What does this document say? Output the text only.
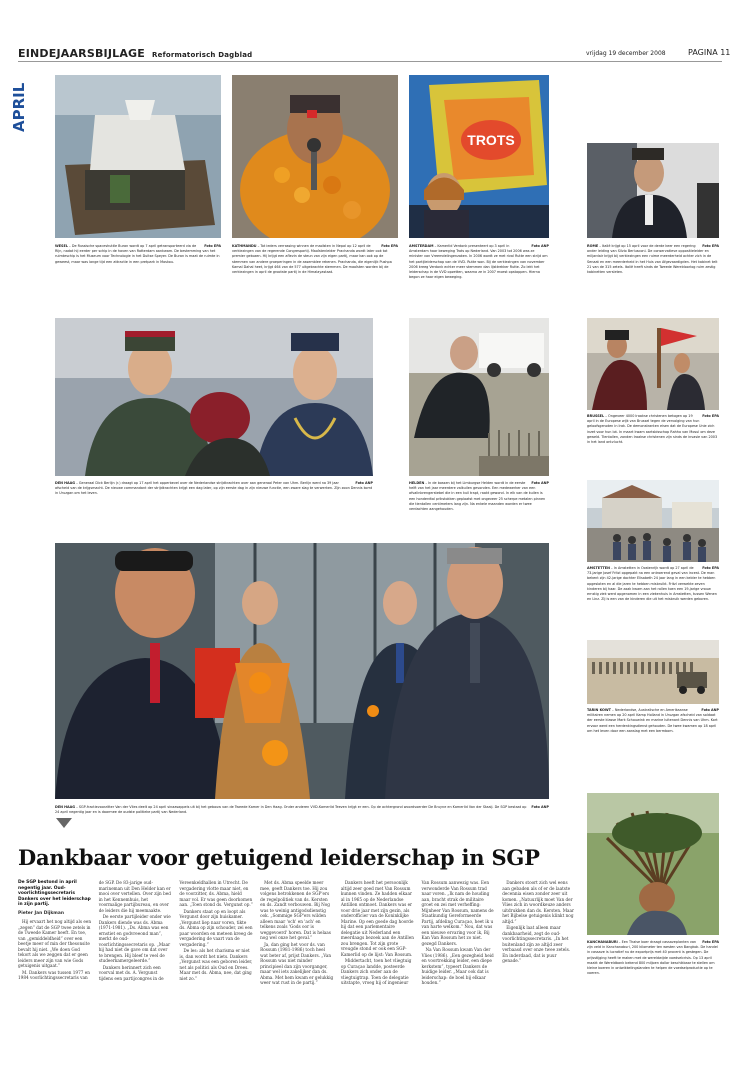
EINDEJAARSBIJLAGE Reformatorisch Dagblad	vrijdag 19 december 2008	PAGINA 11
APRIL
Foto EPA
WESEL – De Russische spaceshuttle Buran wordt op 7 april getransporteerd via de Rijn, nadat hij eerder per schip in de haven van Rotterdam aankwam. De bestemming van het ruimteschip is het Museum voor Technologie in het Duitse Speyer. De Buran is maat de ruimte in geweest, maar was lange tijd een attractie in een pretpark in Moskou.
Foto EPA
KATHMANDU – Tot ieders verrassing winnen de maoïsten in Nepal op 12 april de verkiezingen van de regerende Congrespartij. Maoïstenleider Prachanda wordt later ook tot premier gekozen. Hij krijgt een aflevin de steun van zijn eigen partij, maar kan ook op de stemmen van andere groeperingen in de assemblee rekenen. Prachanda, die eigenlijk Pushpa Kamal Dahal heet, krijgt 464 van de 577 uitgebrachte stemmen. De maoïsten worden bij de verkiezingen in april de grootste partij in de Himalayastaat.
TROTS
Foto ANP
AMSTERDAM – Kamerlid Verdonk presenteert op 3 april in Amsterdam haar beweging Trots op Nederland. Van 2003 tot 2006 was ze minister van Vreemdelingenzaken. In 2006 wordt ze met rival Rutte een strijd om het partijleiderschap van de VVD. Rutte won. Bij de verkiezingen van november 2006 kreeg Verdonk echter meer stemmen dan lijsttrekker Rutte. Zo lekt het leiderschap in de VVD opzetten, waarna ze in 2007 moest opstappen. Hierna begon ze haar eigen beweging.
Foto EPA
ROME – Italië krijgt op 15 april voor de derde keer een regering onder leiding van Silvio Berlusconi. De conservatieve oppositieleider en miljardair krijgt bij verkiezingen een ruime meerderheid achter zich in de Senaat en een meerderheid in het Huis van Afgevaardigden. Het kabinet telt 21 van de 315 zetels. Italië heeft sinds de Tweede Wereldoorlog ruim zestig kabinetten versleten.
Foto ANP
DEN HAAG – Generaal Dick Berlijn (r.) draagt op 17 april het opperbevel over de Nederlandse strijdkrachten over aan generaal Peter van Uhm. Berlijn werd na 39 jaar afscheid van de krijgsmacht. De nieuwe commandant der strijdkrachten krijgt een dag later, op zijn eerste dag in zijn nieuwe functie, een zware slag te verwerken. Zijn zoon Dennis komt in Uruzgan om het leven.
Foto ANP
HELDEN – In de bossen bij het Limburgse Helden wordt in de eerste helft van het jaar meerdere valkuilen gevonden. Een medewerker van een afvalinbrengerstebel die in een kuil trapt, raakt gewond. In elk van de kuilen is een honderdtal prikstokken geplaatst met ongeveer 25 scherpe metalen pinnen die tientallen centimeters lang zijn. Na enkele maanden worden er twee verdachten aangehouden.
Foto EPA
BRUSSEL – Ongeveer 4000 Iraakse christenen betogen op 19 april in de Europese wijk van Brussel tegen de vervolging van hun geloofsgenoten in Irak. De demonstranten eisen dat de Europese Unie zich inzet voor hun lot. In maart kwam aartsbisschop Rahho van Mosul om deze geweld. Tientallen, zonden Iraakse christenen zijn sinds de invasie van 2003 in het land ontvlucht.
Foto ANP
DEN HAAG – SGP-fractievoorzitter Van der Vlies deelt op 24 april sinaasappels uit bij het gebouw van de Tweede Kamer in Den Haag. Onder anderen VVD-Kamerlid Teeven krijgt er een. Op de achtergrond woordvoerder De Bruyne en Kamerlid Van der Staaij. De SGP bestaat op 24 april negentig jaar en is daarmee de oudste politieke partij van Nederland.
Foto EPA
AMSTETTEN – In Amstetten in Oostenrijk wordt op 27 april de 73-jarige Josef Fritzl opgepakt na een ontroerend geval van incest. De man bekent zijn 42-jarige dochter Elisabeth 24 jaar lang in een kelder te hebben opgesloten en al die jaren te hebben misbruikt. Fritzl verwekte zeven kinderen bij haar. De zaak kwam aan het rollen toen een 19-jarige vrouw ernstig ziek werd opgenomen in een ziekenhuis in Amstetten, tussen Wenen en Linz. Zij is een van de kinderen die uit het misbruik werden geboren.
Foto ANP
TARIN KOWT – Nederlandse, Australische en Amerikaanse militairen nemen op 20 april Kamp Holland in Uruzgan afscheid van soldaat der eerste klasse Mark Schouwink en marine luitenant Dennis van Uhm. Kort ervoor werd een herdenkingsdienst gehouden. De twee kwamen op 18 april om het leven door een aanslag met een bermbom.
Foto EPA
KANCHANABURI – Een Thaise boer draagt cassaveplanten van zijn veld in Kanchanaburi, 200 kilometer ten westen van Bangkok. De handel in cassave is lucratief nu de exportprijs met 40 procent is gestegen. De prijsstijging heeft te maken met de wereldwijde voedselcrisis. Op 13 april maakt de Wereldbank bekend 800 miljoen dollar beschikbaar te stellen om kleine boeren in ontwikkelingslanden te helpen de voedselproductie op te voeren.
Dankbaar voor getuigend leiderschap in SGP
De SGP bestond in april negentig jaar. Oud-voorlichtingssecretaris Dankers over het leiderschap in zijn partij.
Pieter Jan Dijkman

Hij ervaart het nog altijd als een „zegen” dat de SGP twee zetels in de Tweede Kamer heeft. En toe, van „gemiddeldheid” over een beetje meer of min der thesonsite bevalt hij niet. „We doen God tekort als we zeggen dat er geen leiders meer zijn van wie Gods getuigenis uitgaat.”

M. Dankers was tussen 1977 en 1984 voorlichtingssecretaris van de SGP. De 83-jarige oud-marineman uit Den Helder kan er mooi over vertellen. Over zijn bed in het Kennemhuis, het voormalige partijbureau, en over de leiders die hij meemaakte.

De eerste partijleider onder wie Dankers diende was ds. Abma (1971-1981). „Ds. Abma was een ernstiet en godvreeond man”, merkt de oud-voorlichtingssecretaris op. „Maar hij had niet de gave om dat over te brengen. Hij bleef te veel de studeerkamergeleerde.”

Dankers herinnert zich een voorval met ds. A. Vergunst tijdens een partijcongres in de Vereenkeldhallen in Utrecht. De vergadering vlotte maar niet, en de voorzitter, ds. Abma, hield maar vol. Er was geen doorkomen aan. „Toen stond ds. Vergunst op.”

Dankers staat op en loopt als Vergunst door zijn huiskamer. „Vergunst liep naar voren, tikte ds. Abma op zijn schouder, zei een paar woorden en meteen kreeg de vergadering de vaart van de vergadering.”

De les: als het charisma er niet is, dan wordt het niets. Dankers „Vergunst was een geboren leider, net als politici als Oud en Drees. Maar met ds. Abma, nee, dat ging niet zo.”

Met ds. Abma speelde meer mee, geeft Dankers toe. Hij zou volgens betrokkenen de SGP'ers de regelpolitiek van ds. Kersten en ds. Zandt verbouwen. Bij Nog was te weinig antigodsdienstig ook. „Sommige SGP'ers wilden alleen maar 'och' en 'ach' en telkens zoals 'Gods oor is weggevoerd' horen. Dat is helaas nog wel onze het geval.”

Ja, dan ging het voor ds. van Rossum (1981-1986) toch heel wat beter af, prijst Dankers. „Van Rossum was niet minder principieel dan zijn voorganger, maar wel iets zakelijker dan ds. Abma. Met hem kwam er gelukkig weer wat rust in de partij.”

Dankers heeft het persoonlijk altijd zeer goed met Van Rossum kunnen vinden. Ze hadden elkaar al in 1965 op de Nederlandse Antillen ontmoet. Dankers was er voor drie jaar met zijn gezin, als onderofficier van de Koninklijke Marine. Op een goede dag hoorde hij dat een parlementaire delegatie uit Nederland een meerdaags bezoek aan de Antillen zou brengen. Tot zijn grote vreugde stond er ook een SGP-Kamerlid op de lijst: Van Rossum.

Middertacht, toen het vliegtuig op Curaçao landde, posteerde Dankers zich onder aan de vliegtuigtrap. Toen de delegatie uitstapte, vroeg hij of ingenieur Van Rossum aanwezig was. Een verwonderde Van Rossum trad naar voren. „Ik nam de houding aan, bracht strak de militaire groet en zei met verheffing: Mijnheer Van Rossum, namens de Staatkundig Gereformeerde Partij, afdeling Curaçao, heet ik u van harte welkom.” Nou, dat was een nieuwe ervaring voor ik, Bij Kan Van Rossum het zo niet. gezegd Dankers.

Na Van Rossum kwam Van der Vlies (1986). „Een gezegheid heid en voortrekking leider, een diepe kerkstem”, typeert Dankers de huidige leider. „Maar ook dat is leiderschap: de boel bij elkaar houden.”

Dankers stoort zich wel eens aan gebaden als of er de laatste decennia eisen zonder zeer uit komen. „Natuurlijk moet Van der Vlies zich in woordkeuze anders uitdrukken dan ds. Kersten. Maar het Bijbelse getuigenis klinkt nog altijd.”

Eigenlijk laat alleen maar dankbaarheid, zegt de oud-voorlichtingssecretaris. „In het buitenland zijn ze altijd zeer verbaasd over onze twee zetels. En inderdaad, dat is puur genade.”
